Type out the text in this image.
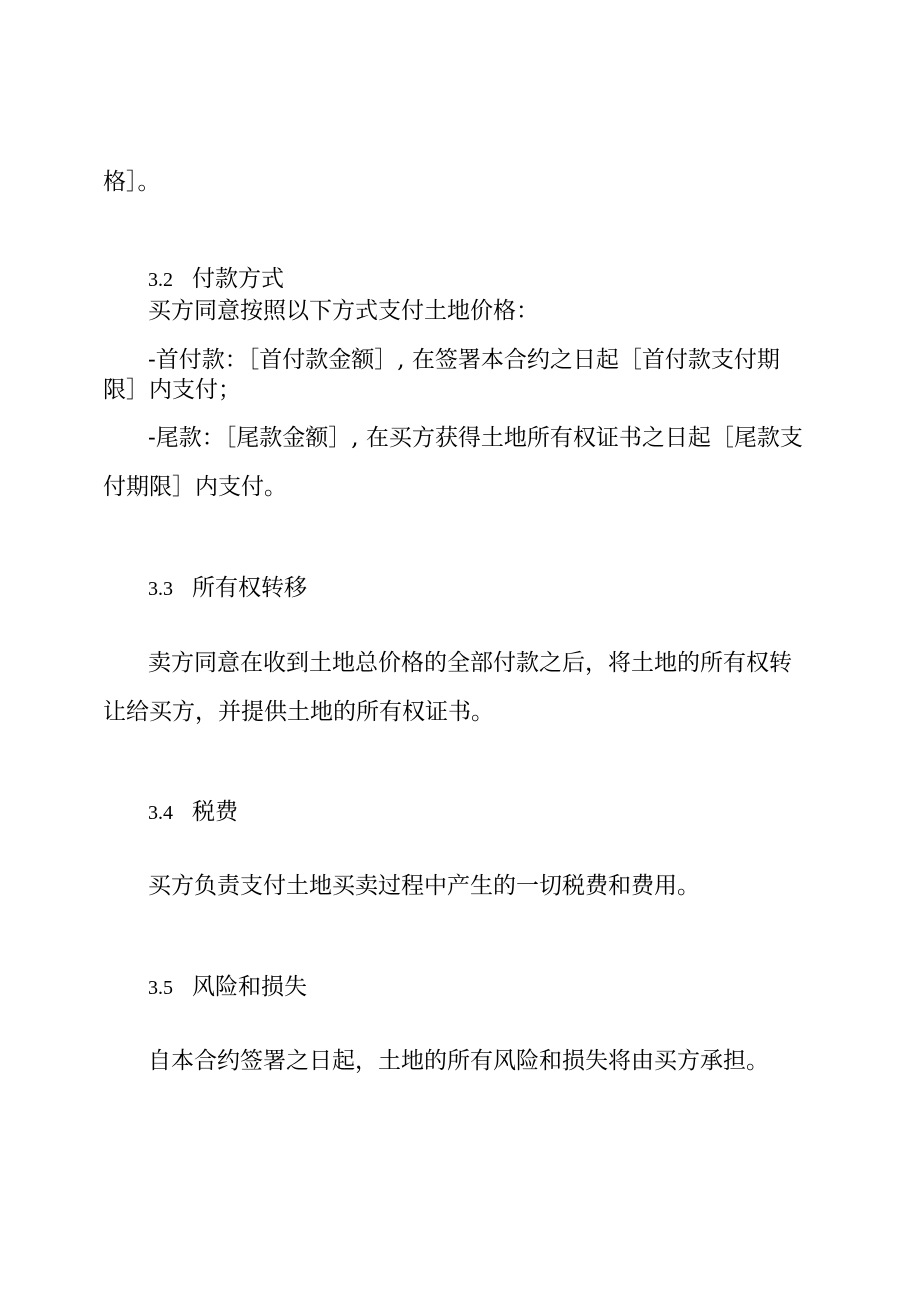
格］。
3.2 付款方式
买方同意按照以下方式支付土地价格：
-首付款：［首付款金额］, 在签署本合约之日起［首付款支付期
限］内支付；
-尾款：［尾款金额］, 在买方获得土地所有权证书之日起［尾款支
付期限］内支付。
3.3 所有权转移
卖方同意在收到土地总价格的全部付款之后，将土地的所有权转
让给买方，并提供土地的所有权证书。
3.4 税费
买方负责支付土地买卖过程中产生的一切税费和费用。
3.5 风险和损失
自本合约签署之日起，土地的所有风险和损失将由买方承担。
